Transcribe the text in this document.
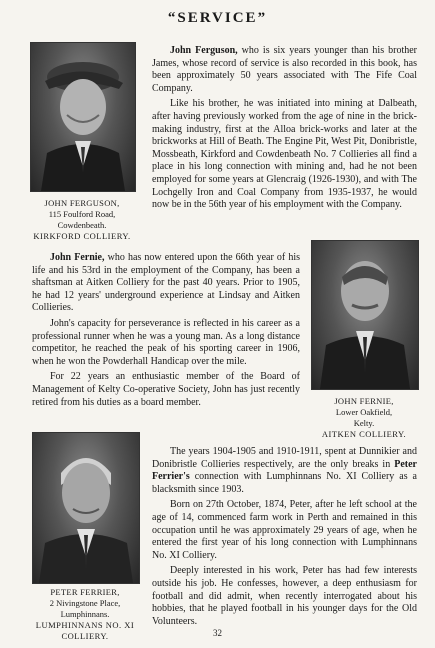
“SERVICE”
JOHN FERGUSON,
115 Foulford Road,
Cowdenbeath.
KIRKFORD COLLIERY.

John Ferguson, who is six years younger than his brother James, whose record of service is also recorded in this book, has been approximately 50 years associated with The Fife Coal Company.

Like his brother, he was initiated into mining at Dalbeath, after having previously worked from the age of nine in the brick-making industry, first at the Alloa brick-works and later at the brickworks at Hill of Beath. The Engine Pit, West Pit, Donibristle, Mossbeath, Kirkford and Cowdenbeath No. 7 Collieries all find a place in his long connection with mining and, had he not been employed for some years at Glencraig (1926-1930), and with The Lochgelly Iron and Coal Company from 1935-1937, he would now be in the 56th year of his employment with the Company.

John Fernie, who has now entered upon the 66th year of his life and his 53rd in the employment of the Company, has been a shaftsman at Aitken Colliery for the past 40 years. Prior to 1905, he had 12 years' underground experience at Lindsay and Aitken Collieries.

John's capacity for perseverance is reflected in his career as a professional runner when he was a young man. As a long distance competitor, he reached the peak of his sporting career in 1906, when he won the Powderhall Handicap over the mile.

For 22 years an enthusiastic member of the Board of Management of Kelty Co-operative Society, John has just recently retired from his duties as a board member.	JOHN FERNIE,
Lower Oakfield,
Kelty.
AITKEN COLLIERY.
PETER FERRIER,
2 Nivingstone Place,
Lumphinnans.
LUMPHINNANS NO. XI COLLIERY.

The years 1904-1905 and 1910-1911, spent at Dunnikier and Donibristle Collieries respectively, are the only breaks in Peter Ferrier's connection with Lumphinnans No. XI Colliery as a blacksmith since 1903.

Born on 27th October, 1874, Peter, after he left school at the age of 14, commenced farm work in Perth and remained in this occupation until he was approximately 29 years of age, when he entered the first year of his long connection with Lumphinnans No. XI Colliery.

Deeply interested in his work, Peter has had few interests outside his job. He confesses, however, a deep enthusiasm for football and did admit, when recently interrogated about his hobbies, that he played football in his younger days for the Old Volunteers.

32
